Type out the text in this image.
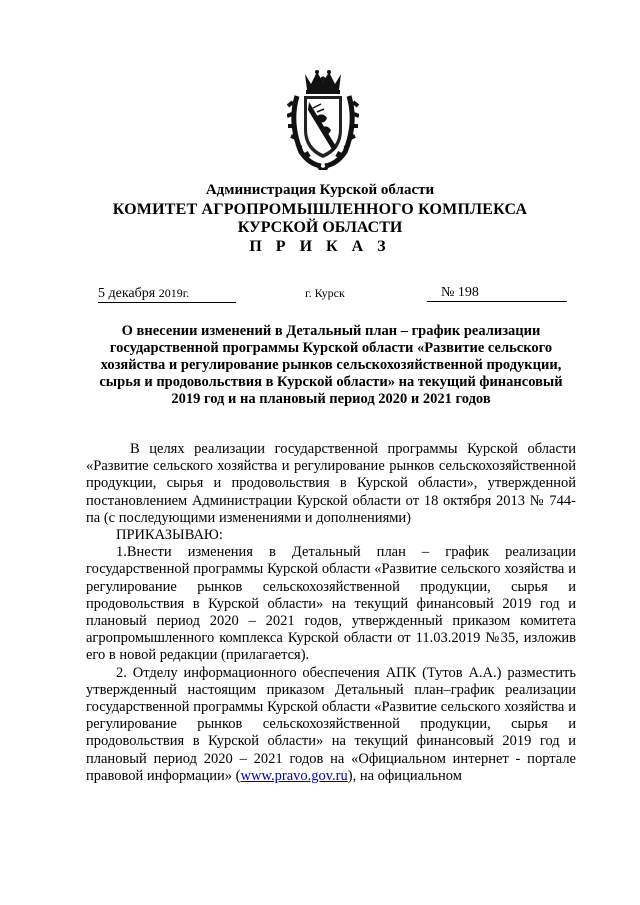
Администрация Курской области
КОМИТЕТ АГРОПРОМЫШЛЕННОГО КОМПЛЕКСА
КУРСКОЙ ОБЛАСТИ
П Р И К А З
5 декабря 2019г.	г. Курск	№ 198
О внесении изменений в Детальный план – график реализации государственной программы Курской области «Развитие сельского хозяйства и регулирование рынков сельскохозяйственной продукции, сырья и продовольствия в Курской области» на текущий финансовый 2019 год и на плановый период 2020 и 2021 годов

В целях реализации государственной программы Курской области «Развитие сельского хозяйства и регулирование рынков сельскохозяйственной продукции, сырья и продовольствия в Курской области», утвержденной постановлением Администрации Курской области от 18 октября 2013 № 744-па (с последующими изменениями и дополнениями)

ПРИКАЗЫВАЮ:

1.Внести изменения в Детальный план – график реализации государственной программы Курской области «Развитие сельского хозяйства и регулирование рынков сельскохозяйственной продукции, сырья и продовольствия в Курской области» на текущий финансовый 2019 год и плановый период 2020 – 2021 годов, утвержденный приказом комитета агропромышленного комплекса Курской области от 11.03.2019 №35, изложив его в новой редакции (прилагается).

2. Отделу информационного обеспечения АПК (Тутов А.А.) разместить утвержденный настоящим приказом Детальный план–график реализации государственной программы Курской области «Развитие сельского хозяйства и регулирование рынков сельскохозяйственной продукции, сырья и продовольствия в Курской области» на текущий финансовый 2019 год и плановый период 2020 – 2021 годов на «Официальном интернет - портале правовой информации» (www.pravo.gov.ru), на официальном
